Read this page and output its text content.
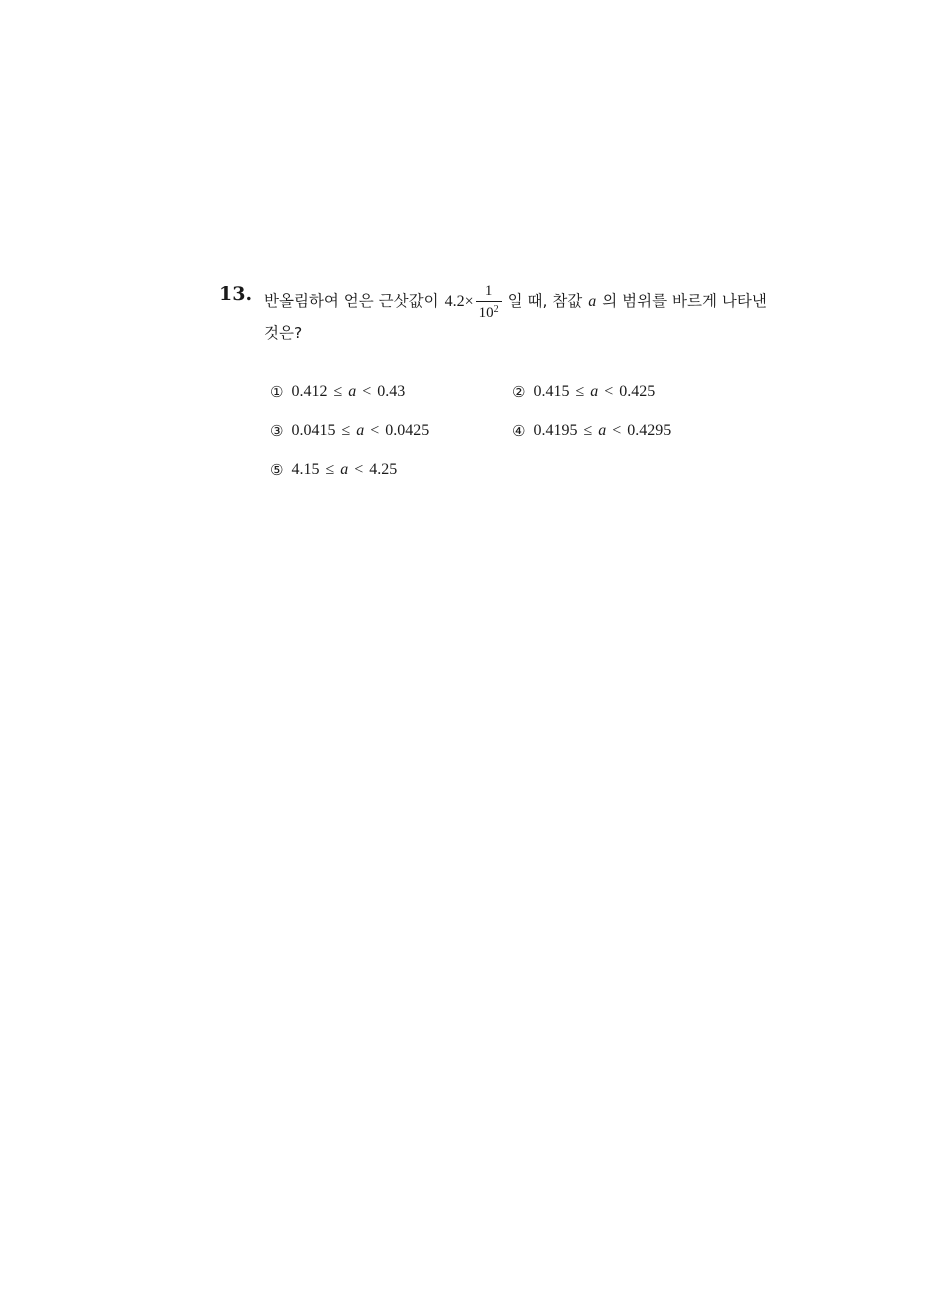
13. 반올림하여 얻은 근삿값이 $4.2 \times \frac{1}{10^2}$ 일 때, 참값 a 의 범위를 바르게 나타낸
것은?
① 0.412 ≤ a < 0.43	② 0.415 ≤ a < 0.425
③ 0.0415 ≤ a < 0.0425	④ 0.4195 ≤ a < 0.4295
⑤ 4.15 ≤ a < 4.25
